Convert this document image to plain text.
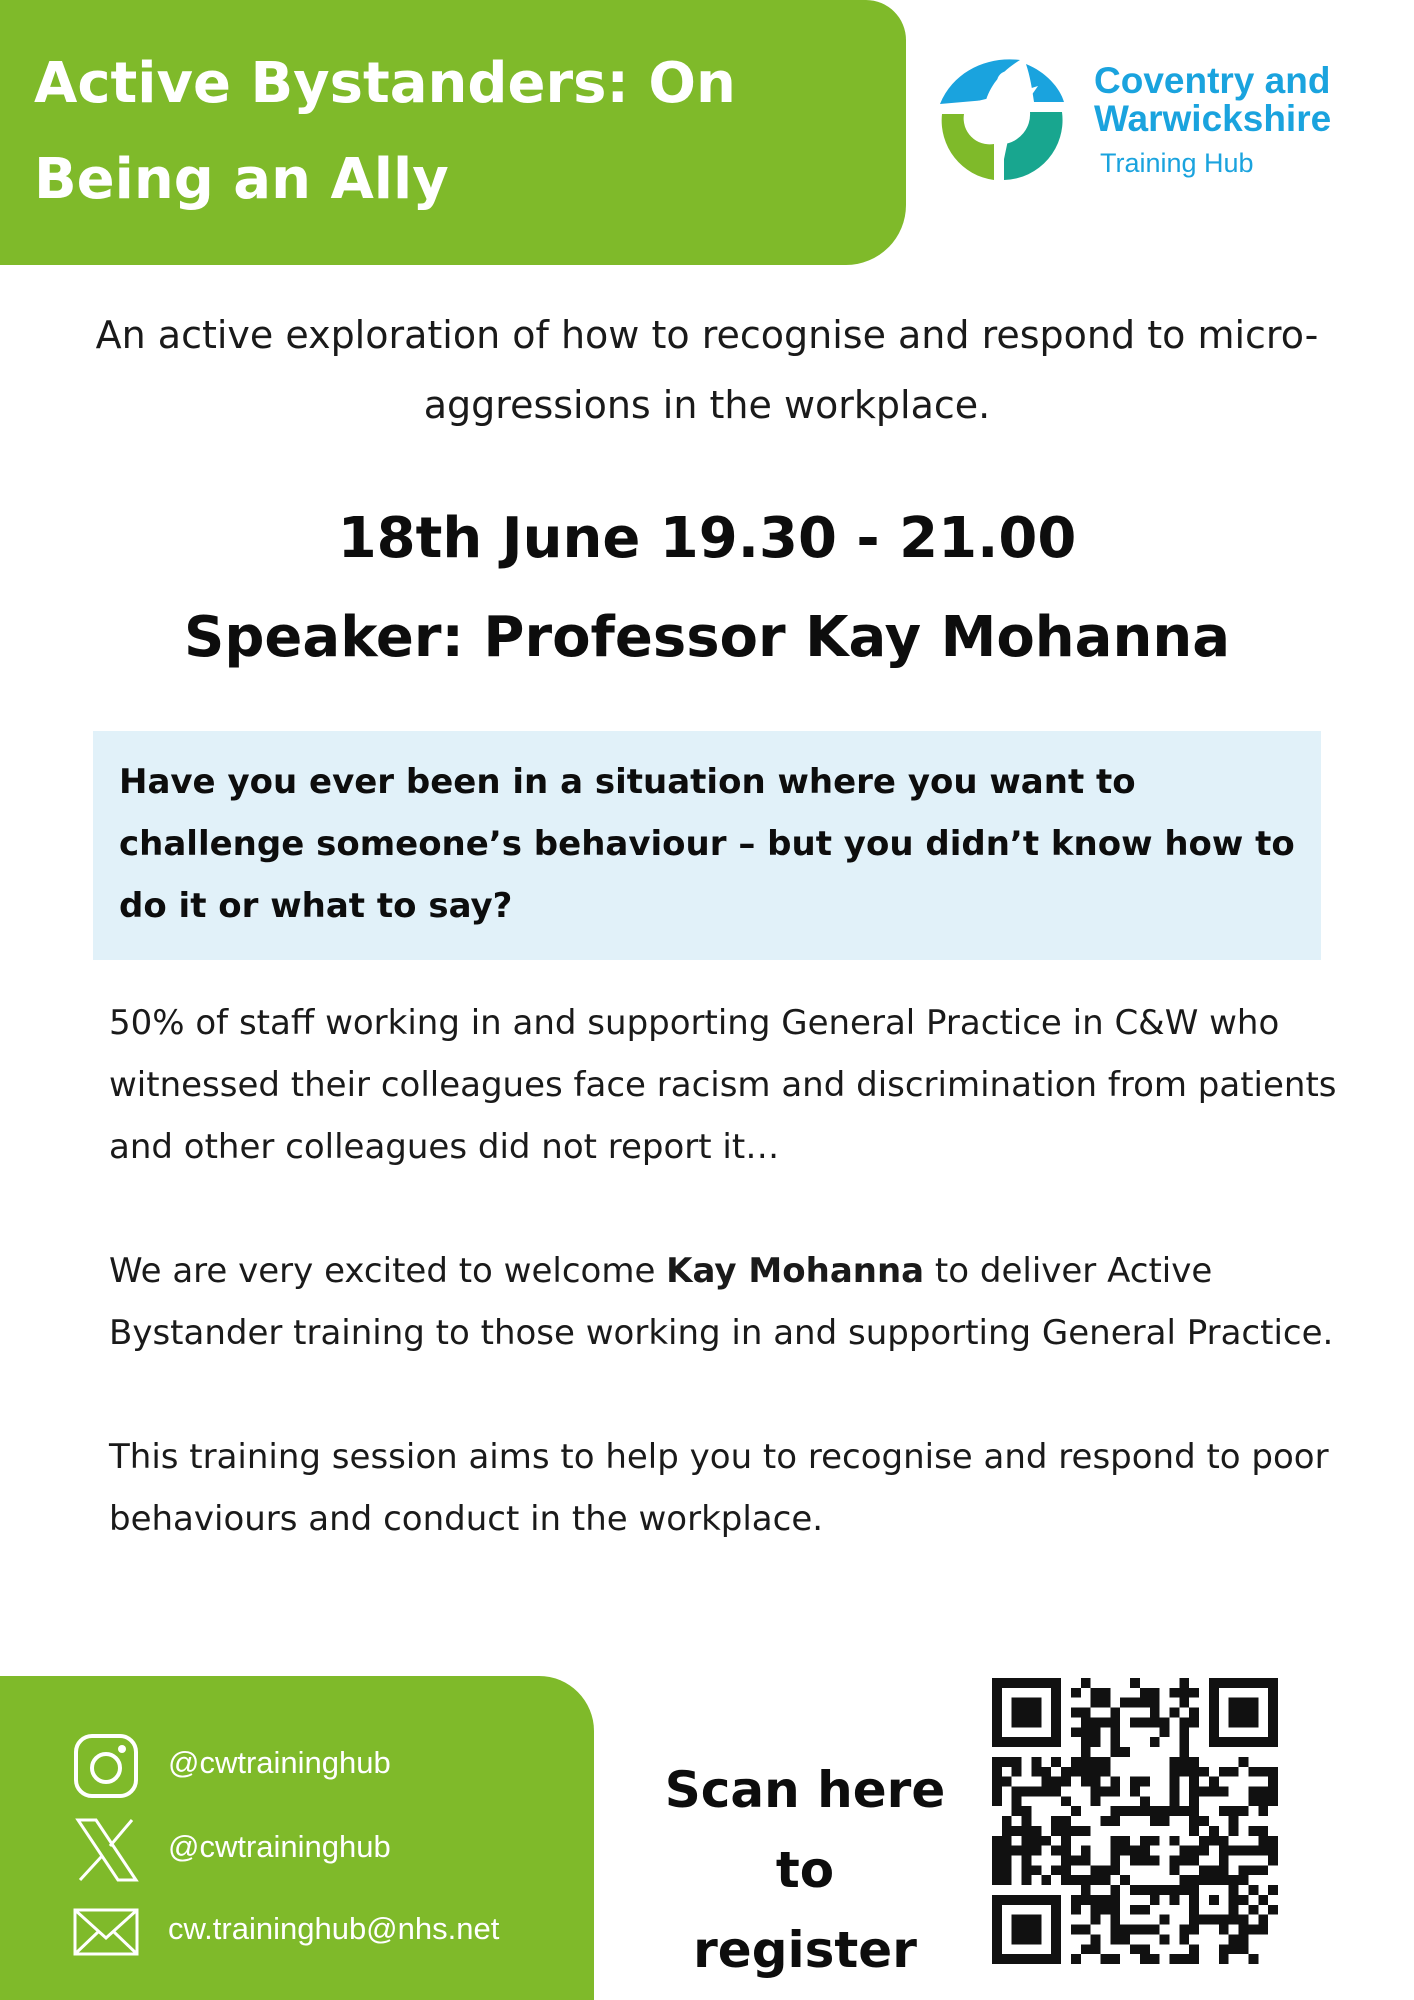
Active Bystanders: On
Being an Ally
Coventry and
Warwickshire
Training Hub
An active exploration of how to recognise and respond to micro-
aggressions in the workplace.
18th June 19.30 - 21.00
Speaker: Professor Kay Mohanna
Have you ever been in a situation where you want to challenge someone’s behaviour – but you didn’t know how to do it or what to say?

50% of staff working in and supporting General Practice in C&W who witnessed their colleagues face racism and discrimination from patients and other colleagues did not report it…

We are very excited to welcome Kay Mohanna to deliver Active Bystander training to those working in and supporting General Practice.

This training session aims to help you to recognise and respond to poor behaviours and conduct in the workplace.

@cwtraininghub
@cwtraininghub
cw.traininghub@nhs.net
Scan here to
register
